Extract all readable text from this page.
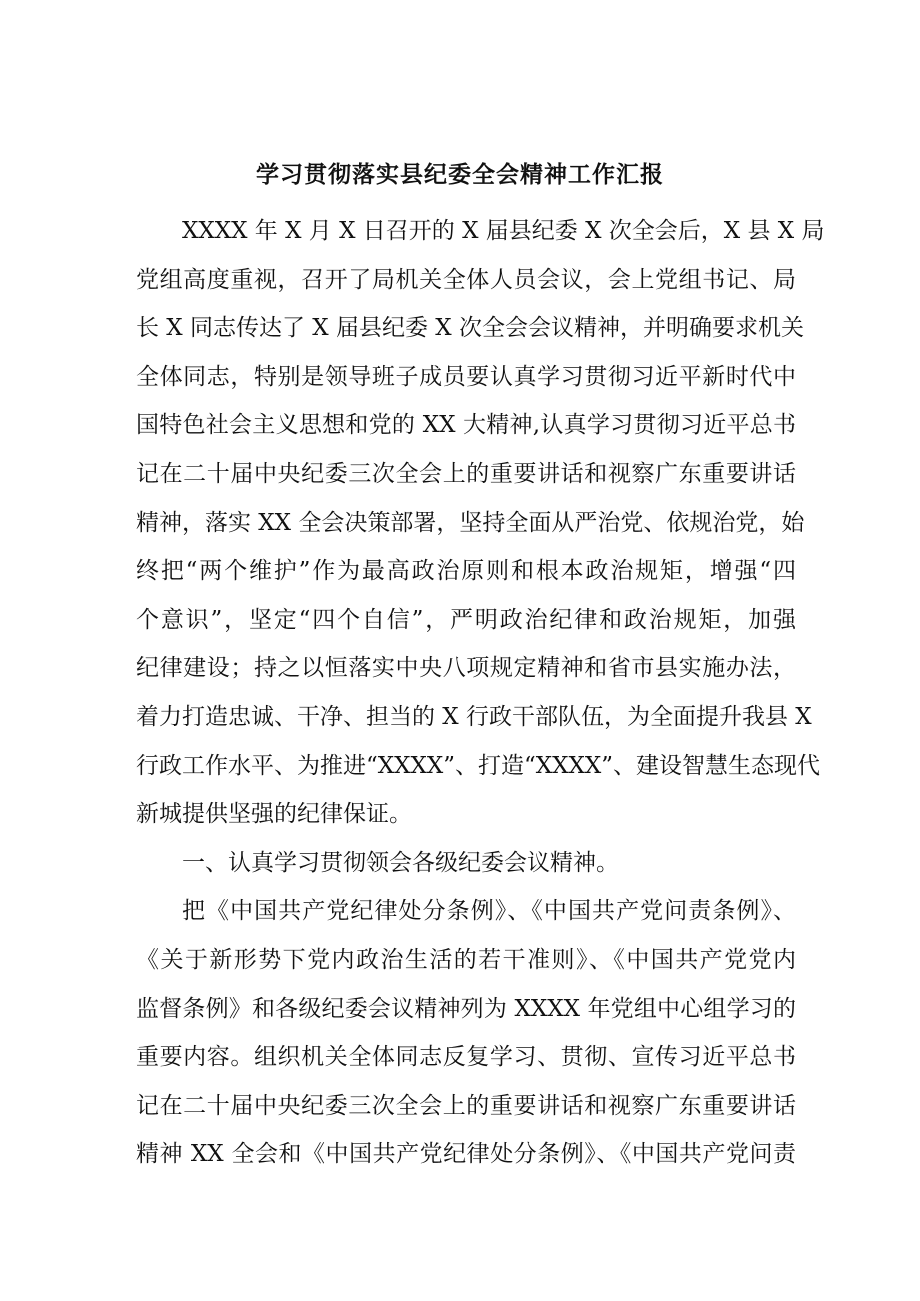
学习贯彻落实县纪委全会精神工作汇报
XXXX 年 X 月 X 日召开的 X 届县纪委 X 次全会后，X 县 X 局
党组高度重视，召开了局机关全体人员会议，会上党组书记、局
长 X 同志传达了 X 届县纪委 X 次全会会议精神，并明确要求机关
全体同志，特别是领导班子成员要认真学习贯彻习近平新时代中
国特色社会主义思想和党的 XX 大精神,认真学习贯彻习近平总书
记在二十届中央纪委三次全会上的重要讲话和视察广东重要讲话
精神，落实 XX 全会决策部署，坚持全面从严治党、依规治党，始
终把“两个维护”作为最高政治原则和根本政治规矩，增强“四
个意识”，坚定“四个自信”，严明政治纪律和政治规矩，加强
纪律建设；持之以恒落实中央八项规定精神和省市县实施办法，
着力打造忠诚、干净、担当的 X 行政干部队伍，为全面提升我县 X
行政工作水平、为推进“XXXX”、打造“XXXX”、建设智慧生态现代
新城提供坚强的纪律保证。
一、认真学习贯彻领会各级纪委会议精神。
把《中国共产党纪律处分条例》、《中国共产党问责条例》、
《关于新形势下党内政治生活的若干准则》、《中国共产党党内
监督条例》和各级纪委会议精神列为 XXXX 年党组中心组学习的
重要内容。组织机关全体同志反复学习、贯彻、宣传习近平总书
记在二十届中央纪委三次全会上的重要讲话和视察广东重要讲话
精神 XX 全会和《中国共产党纪律处分条例》、《中国共产党问责
